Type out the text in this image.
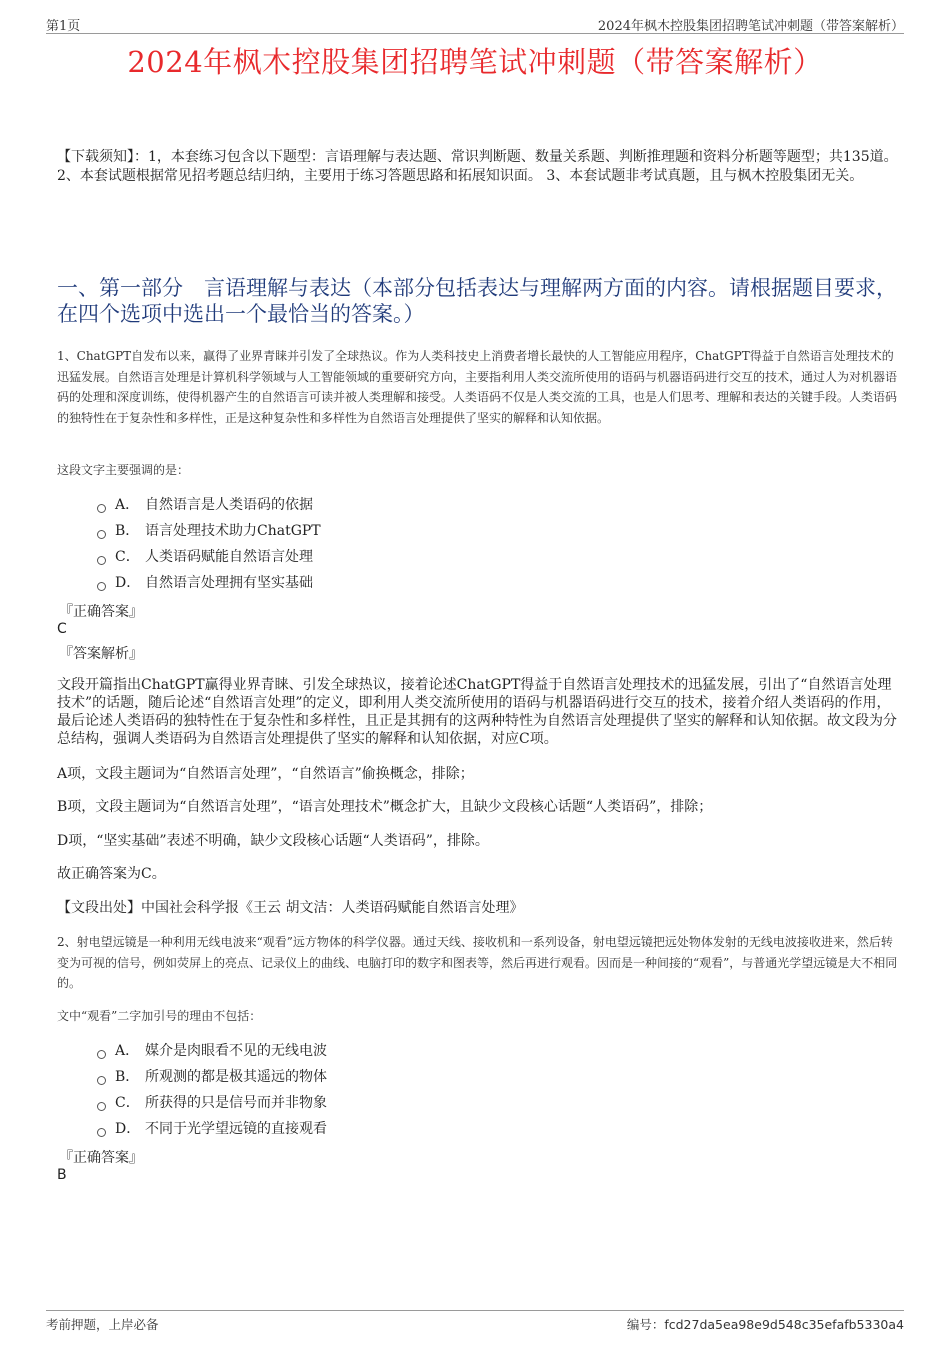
第1页	2024年枫木控股集团招聘笔试冲刺题（带答案解析）
2024年枫木控股集团招聘笔试冲刺题（带答案解析）
【下载须知】：1，本套练习包含以下题型：言语理解与表达题、常识判断题、数量关系题、判断推理题和资料分析题等题型；共135道。 2、本套试题根据常见招考题总结归纳，主要用于练习答题思路和拓展知识面。 3、本套试题非考试真题，且与枫木控股集团无关。
一、第一部分　言语理解与表达（本部分包括表达与理解两方面的内容。请根据题目要求，在四个选项中选出一个最恰当的答案。）
1、ChatGPT自发布以来，赢得了业界青睐并引发了全球热议。作为人类科技史上消费者增长最快的人工智能应用程序，ChatGPT得益于自然语言处理技术的迅猛发展。自然语言处理是计算机科学领域与人工智能领域的重要研究方向，主要指利用人类交流所使用的语码与机器语码进行交互的技术，通过人为对机器语码的处理和深度训练，使得机器产生的自然语言可读并被人类理解和接受。人类语码不仅是人类交流的工具，也是人们思考、理解和表达的关键手段。人类语码的独特性在于复杂性和多样性，正是这种复杂性和多样性为自然语言处理提供了坚实的解释和认知依据。
这段文字主要强调的是：
A． 自然语言是人类语码的依据
B． 语言处理技术助力ChatGPT
C． 人类语码赋能自然语言处理
D． 自然语言处理拥有坚实基础
『正确答案』
C
『答案解析』
文段开篇指出ChatGPT赢得业界青睐、引发全球热议，接着论述ChatGPT得益于自然语言处理技术的迅猛发展，引出了“自然语言处理技术”的话题，随后论述“自然语言处理”的定义，即利用人类交流所使用的语码与机器语码进行交互的技术，接着介绍人类语码的作用，最后论述人类语码的独特性在于复杂性和多样性，且正是其拥有的这两种特性为自然语言处理提供了坚实的解释和认知依据。故文段为分总结构，强调人类语码为自然语言处理提供了坚实的解释和认知依据，对应C项。
A项，文段主题词为“自然语言处理”，“自然语言”偷换概念，排除；
B项，文段主题词为“自然语言处理”，“语言处理技术”概念扩大，且缺少文段核心话题“人类语码”，排除；
D项，“坚实基础”表述不明确，缺少文段核心话题“人类语码”，排除。
故正确答案为C。
【文段出处】中国社会科学报《王云 胡文洁：人类语码赋能自然语言处理》
2、射电望远镜是一种利用无线电波来“观看”远方物体的科学仪器。通过天线、接收机和一系列设备，射电望远镜把远处物体发射的无线电波接收进来，然后转变为可视的信号，例如荧屏上的亮点、记录仪上的曲线、电脑打印的数字和图表等，然后再进行观看。因而是一种间接的“观看”，与普通光学望远镜是大不相同的。
文中“观看”二字加引号的理由不包括：
A． 媒介是肉眼看不见的无线电波
B． 所观测的都是极其遥远的物体
C． 所获得的只是信号而并非物象
D． 不同于光学望远镜的直接观看
『正确答案』
B
考前押题，上岸必备	编号：fcd27da5ea98e9d548c35efafb5330a4
